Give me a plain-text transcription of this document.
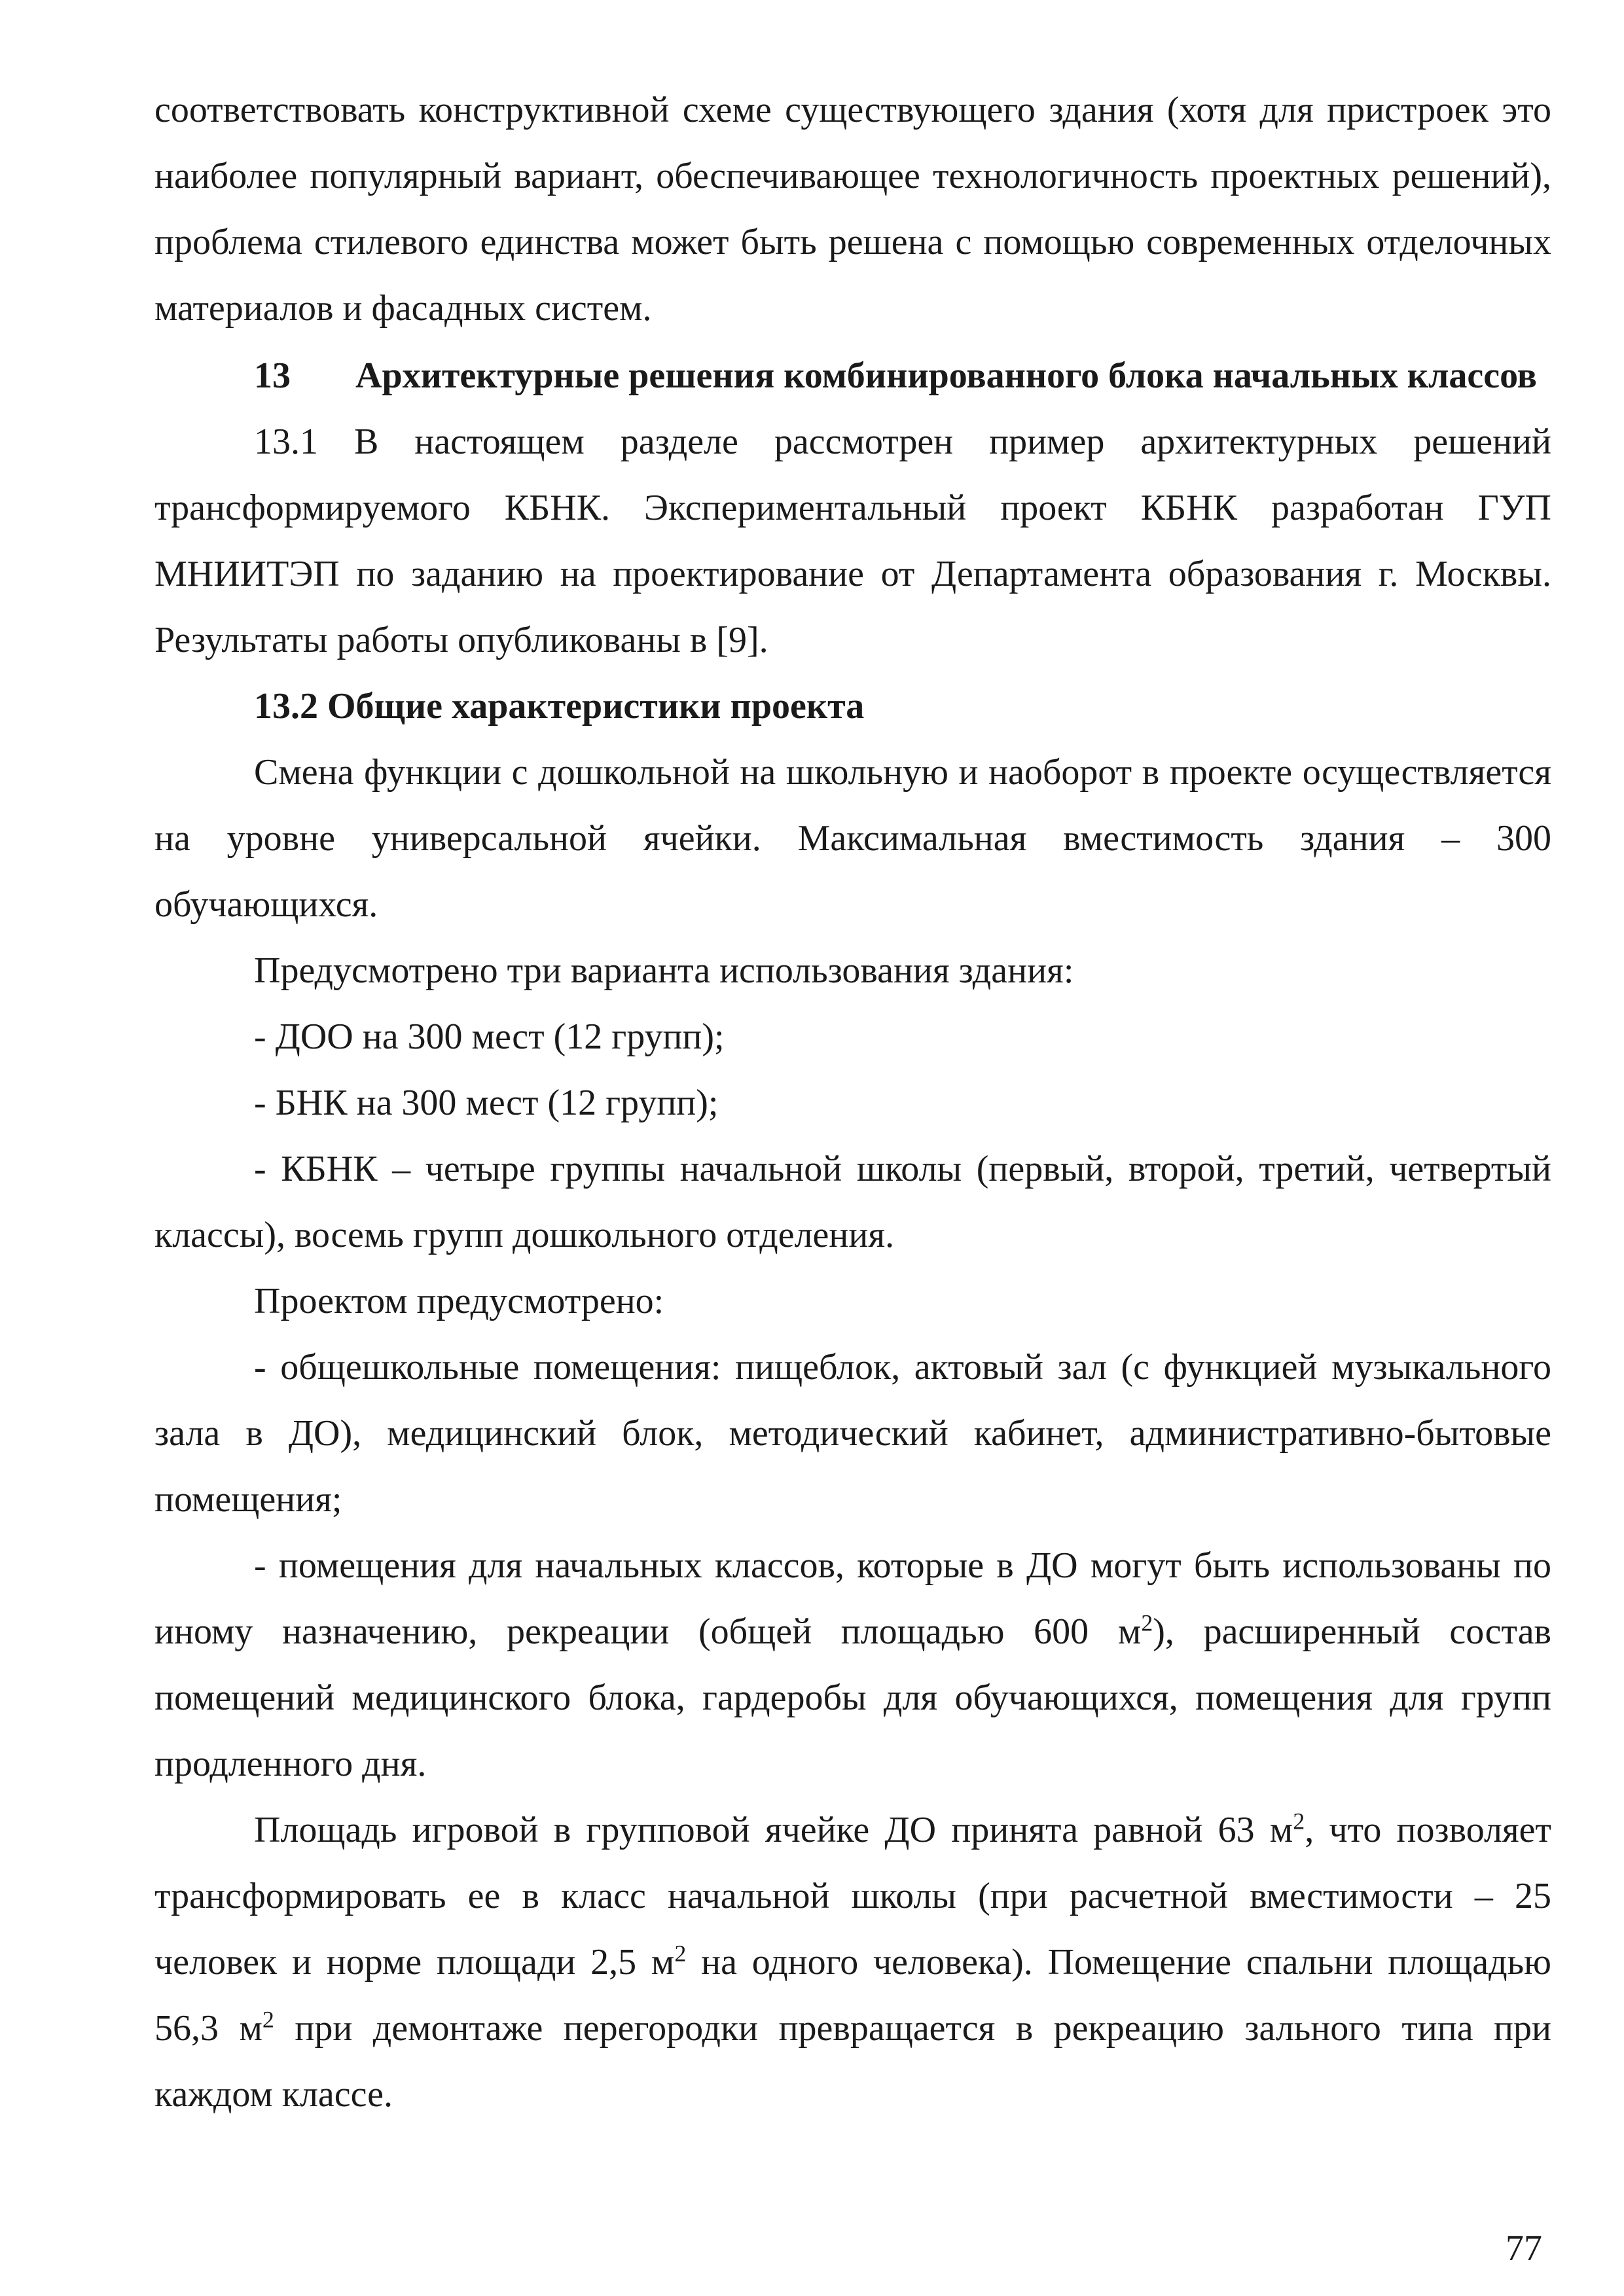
соответствовать конструктивной схеме существующего здания (хотя для пристроек это наиболее популярный вариант, обеспечивающее технологичность проектных решений), проблема стилевого единства может быть решена с помощью современных отделочных материалов и фасадных систем.

13 Архитектурные решения комбинированного блока начальных классов

13.1 В настоящем разделе рассмотрен пример архитектурных решений трансформируемого КБНК. Экспериментальный проект КБНК разработан ГУП МНИИТЭП по заданию на проектирование от Департамента образования г. Москвы. Результаты работы опубликованы в [9].

13.2 Общие характеристики проекта

Смена функции с дошкольной на школьную и наоборот в проекте осуществляется на уровне универсальной ячейки. Максимальная вместимость здания – 300 обучающихся.

Предусмотрено три варианта использования здания:

- ДОО на 300 мест (12 групп);

- БНК на 300 мест (12 групп);

- КБНК – четыре группы начальной школы (первый, второй, третий, четвертый классы), восемь групп дошкольного отделения.

Проектом предусмотрено:

- общешкольные помещения: пищеблок, актовый зал (с функцией музыкального зала в ДО), медицинский блок, методический кабинет, административно-бытовые помещения;

- помещения для начальных классов, которые в ДО могут быть использованы по иному назначению, рекреации (общей площадью 600 $м^2$), расширенный состав помещений медицинского блока, гардеробы для обучающихся, помещения для групп продленного дня.

Площадь игровой в групповой ячейке ДО принята равной 63 $м^2$, что позволяет трансформировать ее в класс начальной школы (при расчетной вместимости – 25 человек и норме площади 2,5 $м^2$ на одного человека). Помещение спальни площадью 56,3 $м^2$ при демонтаже перегородки превращается в рекреацию зального типа при каждом классе.

77
